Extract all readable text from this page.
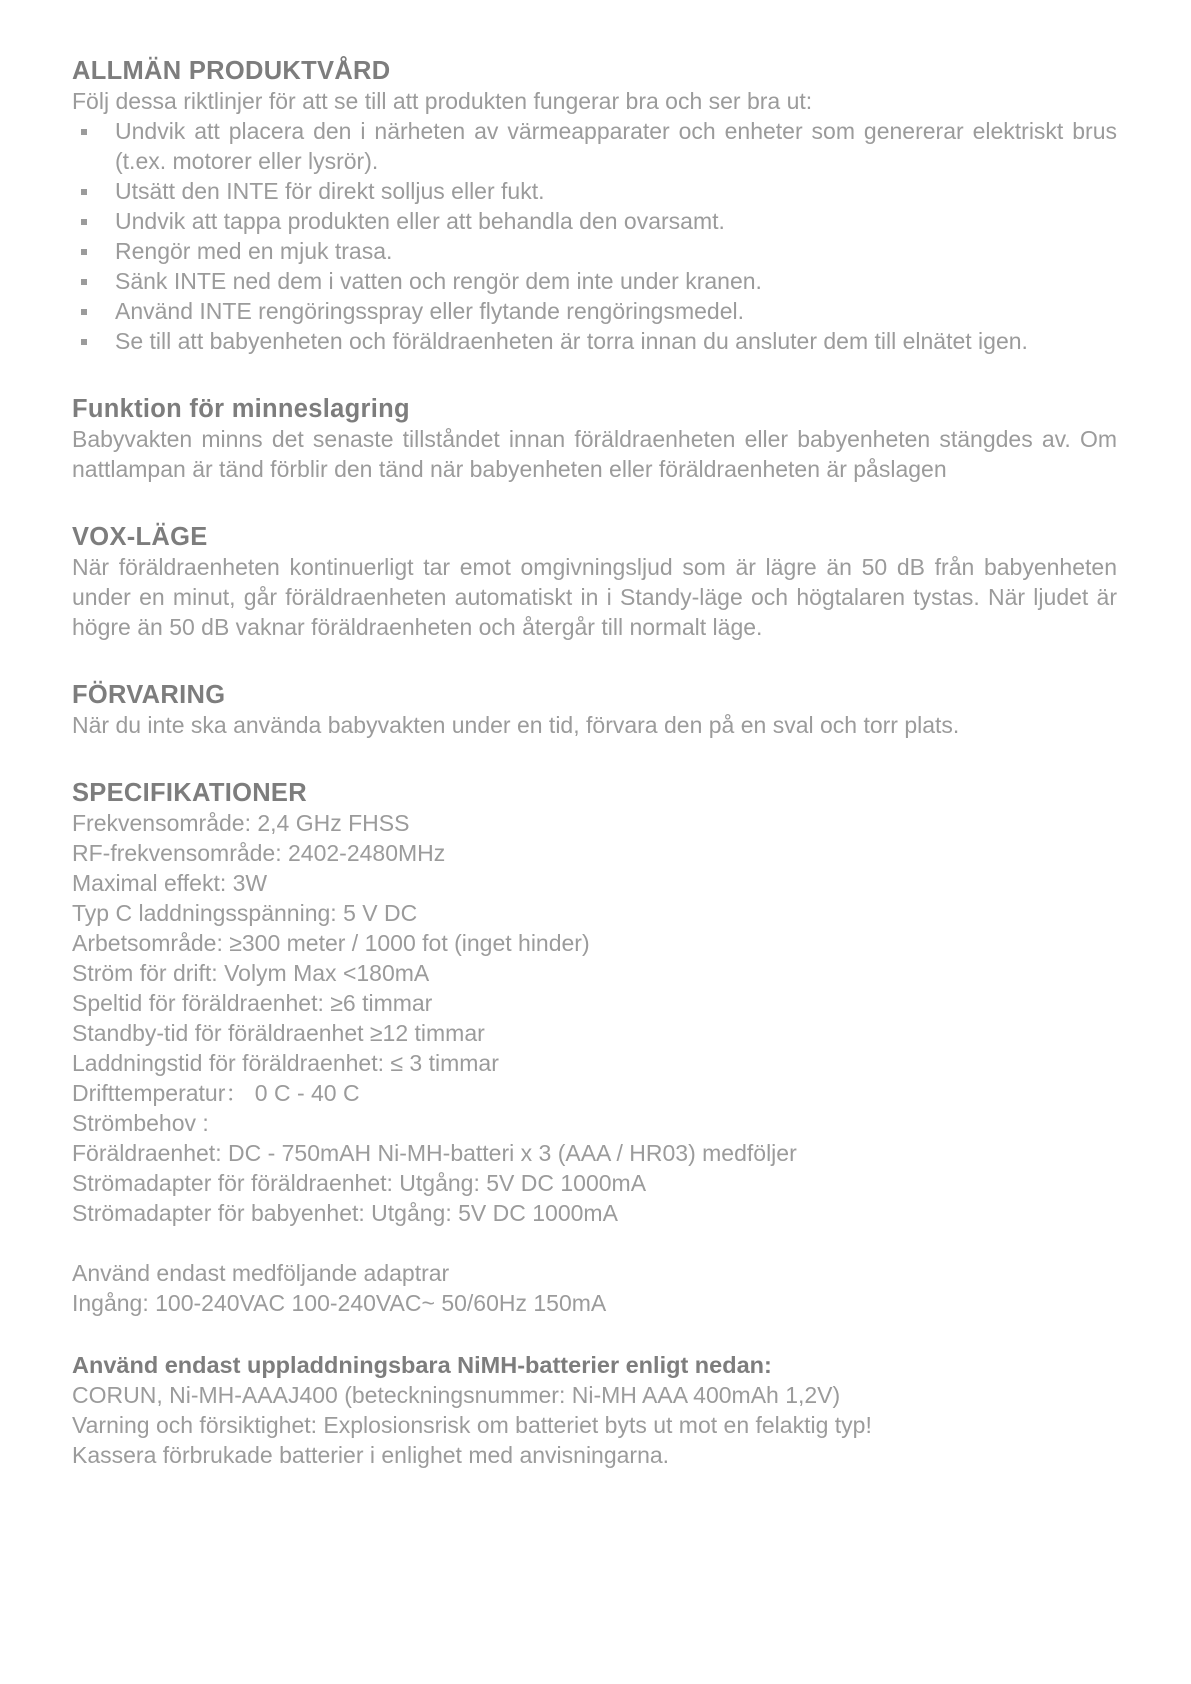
ALLMÄN PRODUKTVÅRD
Följ dessa riktlinjer för att se till att produkten fungerar bra och ser bra ut:
Undvik att placera den i närheten av värmeapparater och enheter som genererar elektriskt brus (t.ex. motorer eller lysrör).
Utsätt den INTE för direkt solljus eller fukt.
Undvik att tappa produkten eller att behandla den ovarsamt.
Rengör med en mjuk trasa.
Sänk INTE ned dem i vatten och rengör dem inte under kranen.
Använd INTE rengöringsspray eller flytande rengöringsmedel.
Se till att babyenheten och föräldraenheten är torra innan du ansluter dem till elnätet igen.
Funktion för minneslagring
Babyvakten minns det senaste tillståndet innan föräldraenheten eller babyenheten stängdes av. Om nattlampan är tänd förblir den tänd när babyenheten eller föräldraenheten är påslagen
VOX-LÄGE
När föräldraenheten kontinuerligt tar emot omgivningsljud som är lägre än 50 dB från babyenheten under en minut, går föräldraenheten automatiskt in i Standy-läge och högtalaren tystas. När ljudet är högre än 50 dB vaknar föräldraenheten och återgår till normalt läge.
FÖRVARING
När du inte ska använda babyvakten under en tid, förvara den på en sval och torr plats.
SPECIFIKATIONER
Frekvensområde: 2,4 GHz FHSS
RF-frekvensområde: 2402-2480MHz
Maximal effekt: 3W
Typ C laddningsspänning: 5 V DC
Arbetsområde: ≥300 meter / 1000 fot (inget hinder)
Ström för drift: Volym Max <180mA
Speltid för föräldraenhet: ≥6 timmar
Standby-tid för föräldraenhet ≥12 timmar
Laddningstid för föräldraenhet: ≤ 3 timmar
Drifttemperatur： 0 C - 40 C
Strömbehov :
Föräldraenhet: DC - 750mAH Ni-MH-batteri x 3 (AAA / HR03) medföljer
Strömadapter för föräldraenhet: Utgång: 5V DC 1000mA
Strömadapter för babyenhet: Utgång: 5V DC 1000mA
Använd endast medföljande adaptrar
Ingång: 100-240VAC 100-240VAC~ 50/60Hz 150mA
Använd endast uppladdningsbara NiMH-batterier enligt nedan:
CORUN, Ni-MH-AAAJ400 (beteckningsnummer: Ni-MH AAA 400mAh 1,2V)
Varning och försiktighet: Explosionsrisk om batteriet byts ut mot en felaktig typ!
Kassera förbrukade batterier i enlighet med anvisningarna.
